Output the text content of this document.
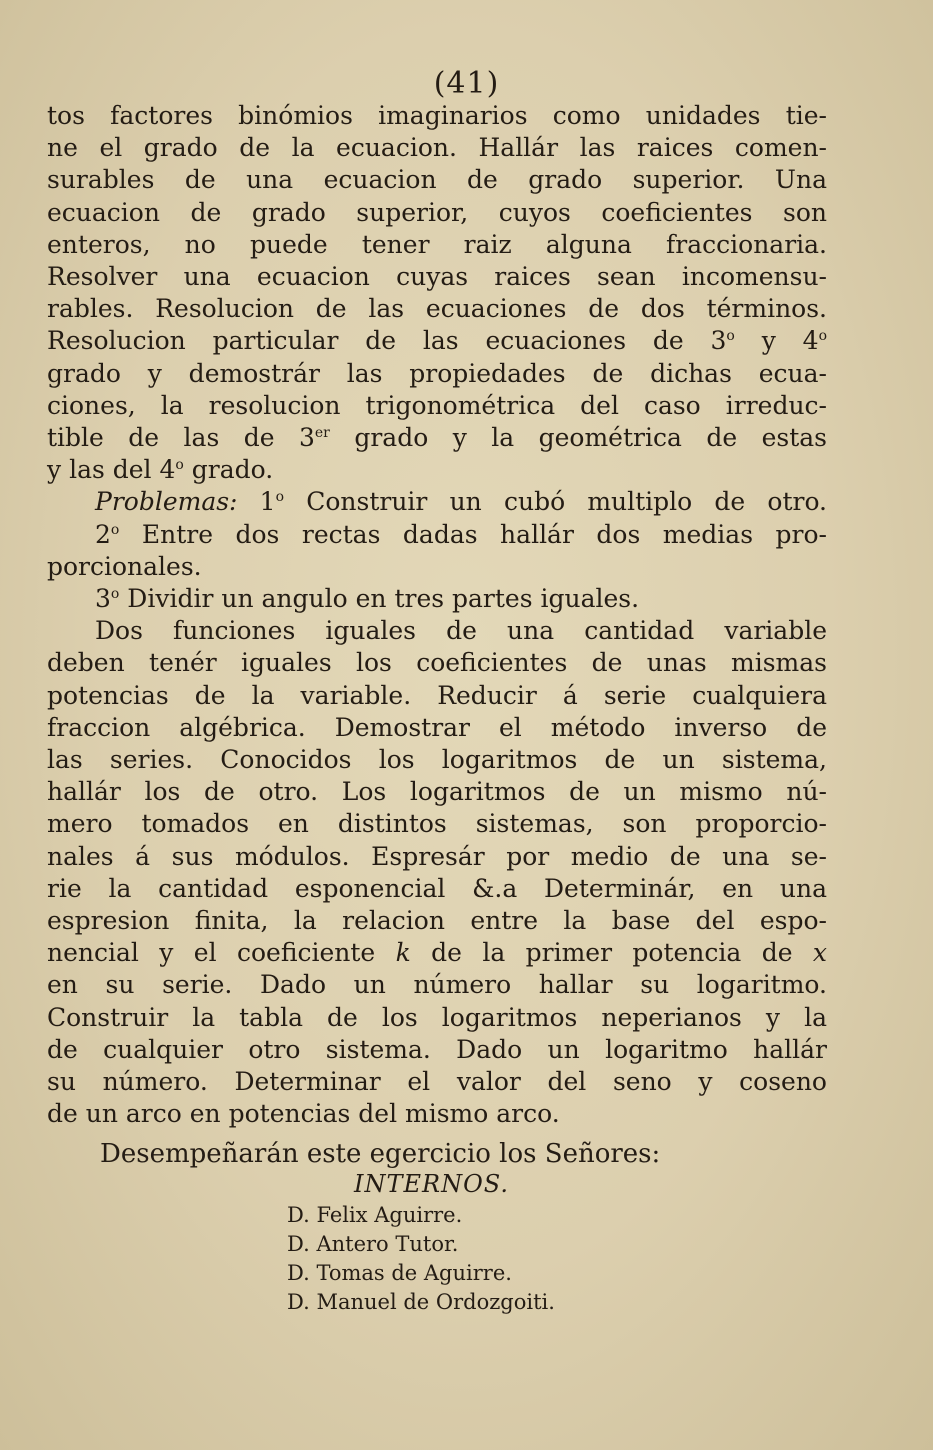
(41)
tos factores binómios imaginarios como unidades tie-
ne el grado de la ecuacion. Hallár las raices comen-
surables de una ecuacion de grado superior. Una
ecuacion de grado superior, cuyos coeficientes son
enteros, no puede tener raiz alguna fraccionaria.
Resolver una ecuacion cuyas raices sean incomensu-
rables. Resolucion de las ecuaciones de dos términos.
Resolucion particular de las ecuaciones de 3$^o$ y 4$^o$
grado y demostrár las propiedades de dichas ecua-
ciones, la resolucion trigonométrica del caso irreduc-
tible de las de 3er grado y la geométrica de estas
y las del 4$^o$ grado.
Problemas: 1$^o$ Construir un cubó multiplo de otro.
2$^o$ Entre dos rectas dadas hallár dos medias pro-
porcionales.
3$^o$ Dividir un angulo en tres partes iguales.
Dos funciones iguales de una cantidad variable
deben tenér iguales los coeficientes de unas mismas
potencias de la variable. Reducir á serie cualquiera
fraccion algébrica. Demostrar el método inverso de
las series. Conocidos los logaritmos de un sistema,
hallár los de otro. Los logaritmos de un mismo nú-
mero tomados en distintos sistemas, son proporcio-
nales á sus módulos. Espresár por medio de una se-
rie la cantidad esponencial &.a Determinár, en una
espresion finita, la relacion entre la base del espo-
nencial y el coeficiente k de la primer potencia de x
en su serie. Dado un número hallar su logaritmo.
Construir la tabla de los logaritmos neperianos y la
de cualquier otro sistema. Dado un logaritmo hallár
su número. Determinar el valor del seno y coseno
de un arco en potencias del mismo arco.
Desempeñarán este egercicio los Señores:
INTERNOS.
D. Felix Aguirre.
D. Antero Tutor.
D. Tomas de Aguirre.
D. Manuel de Ordozgoiti.
